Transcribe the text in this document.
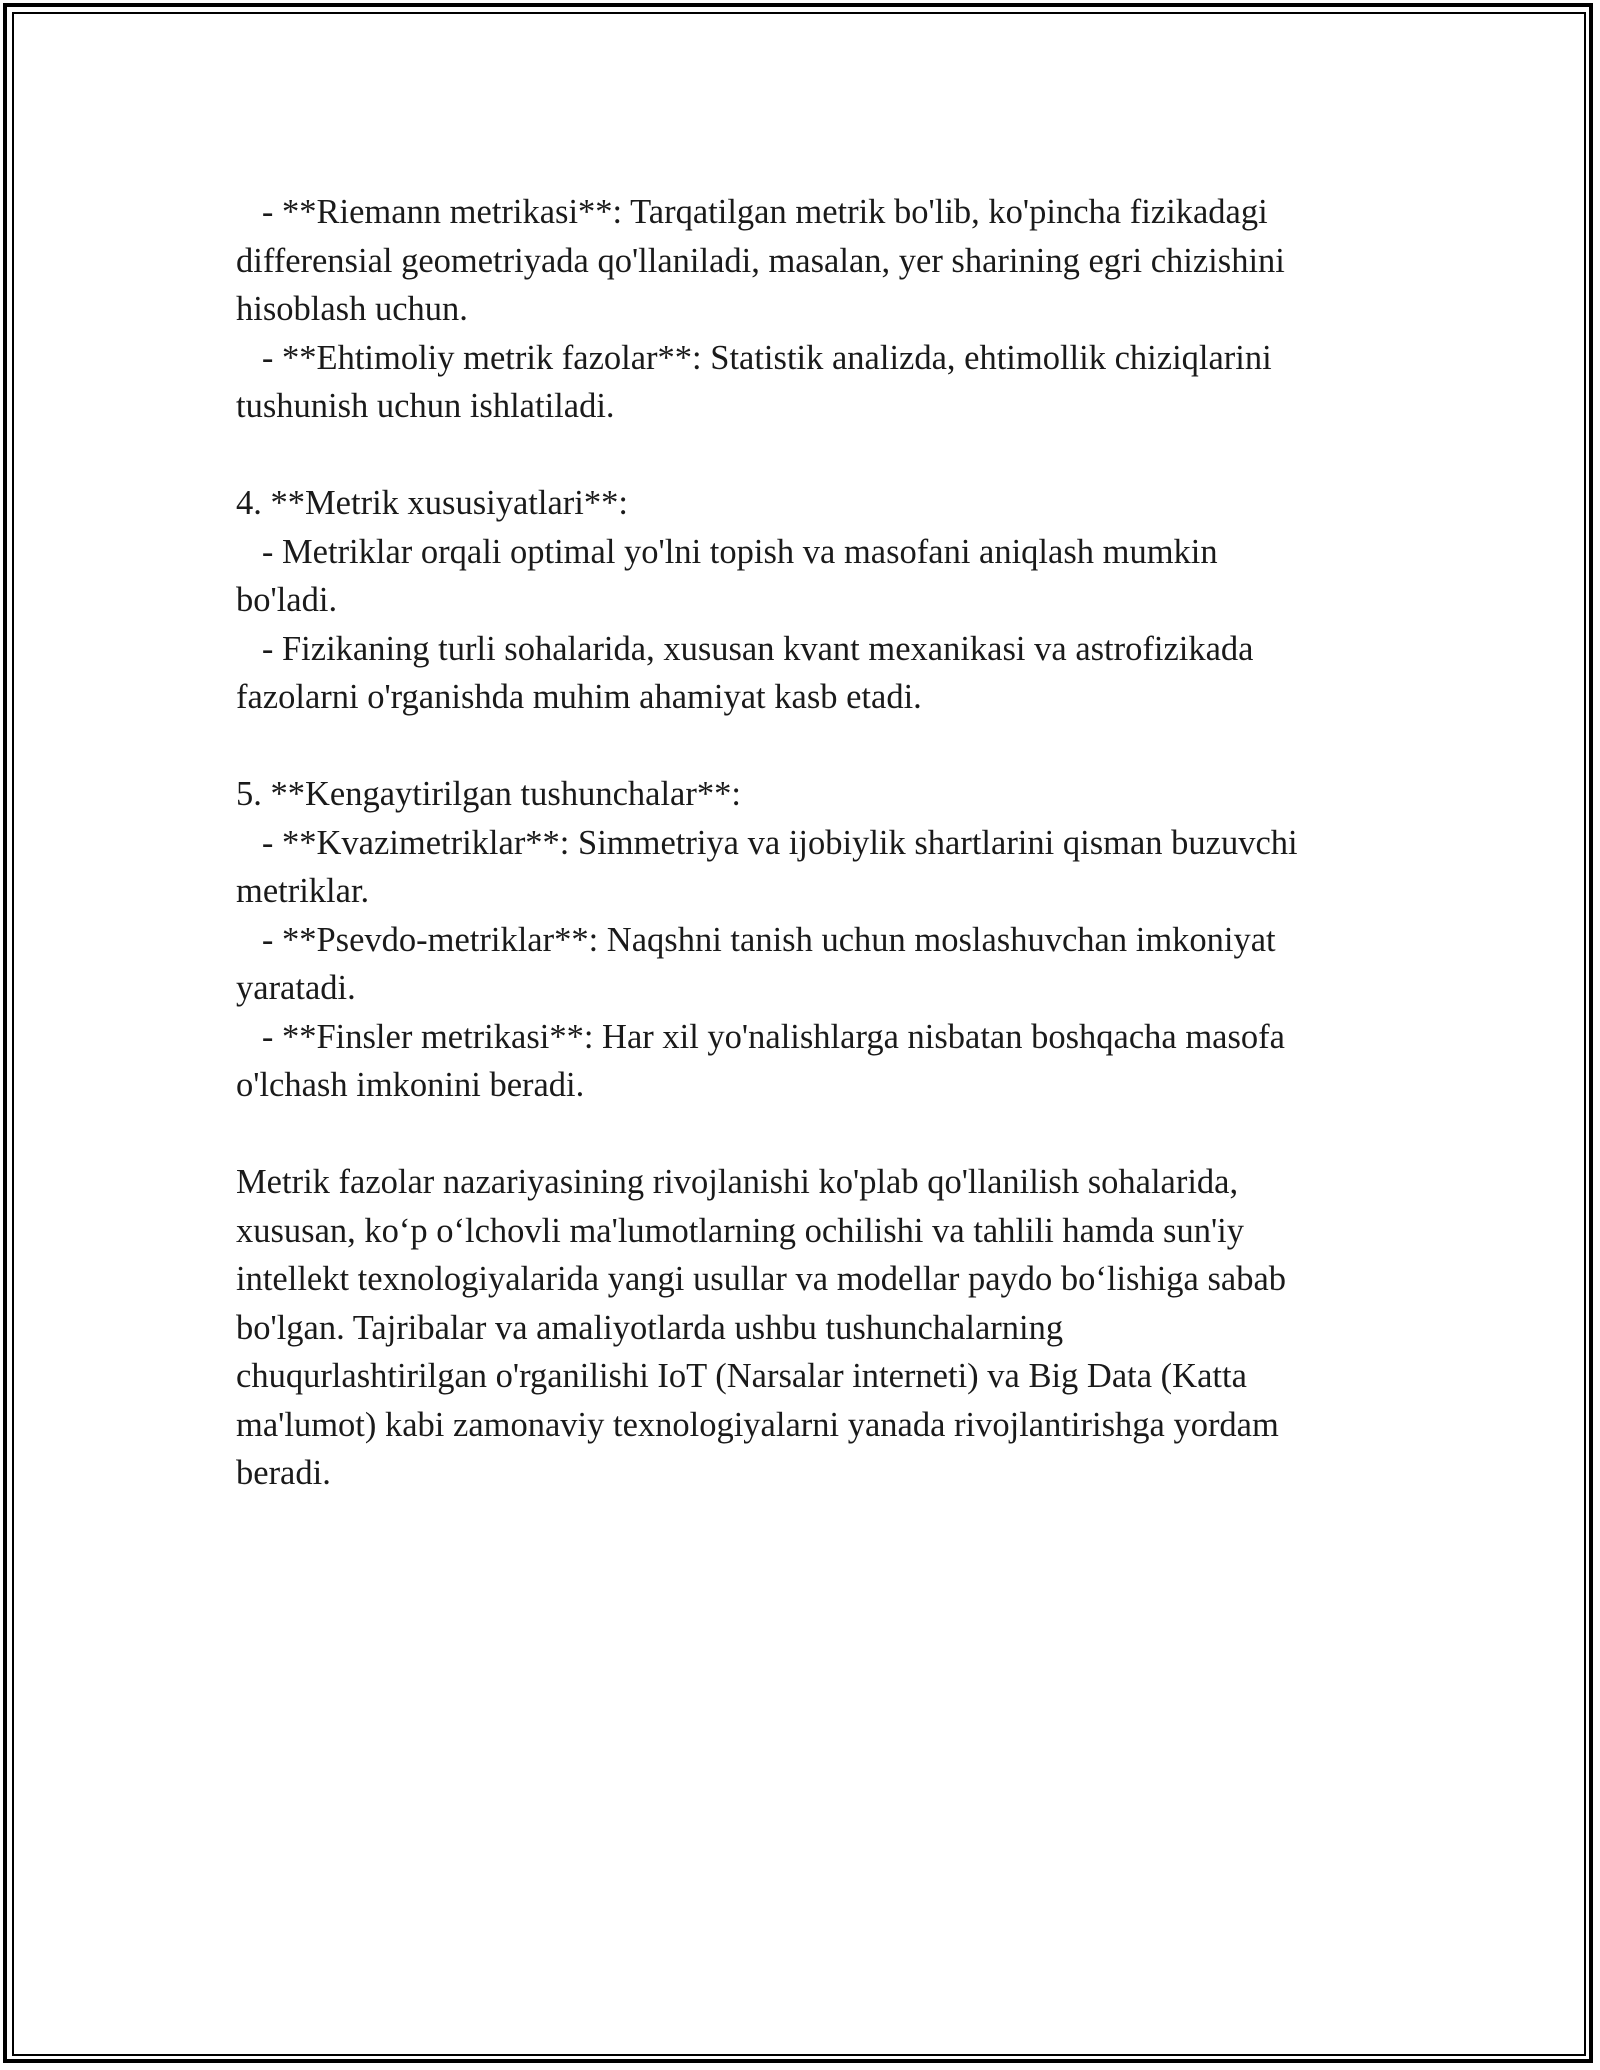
- **Riemann metrikasi**: Tarqatilgan metrik bo'lib, ko'pincha fizikadagi
differensial geometriyada qo'llaniladi, masalan, yer sharining egri chizishini
hisoblash uchun.
- **Ehtimoliy metrik fazolar**: Statistik analizda, ehtimollik chiziqlarini
tushunish uchun ishlatiladi.
4. **Metrik xususiyatlari**:
- Metriklar orqali optimal yo'lni topish va masofani aniqlash mumkin
bo'ladi.
- Fizikaning turli sohalarida, xususan kvant mexanikasi va astrofizikada
fazolarni o'rganishda muhim ahamiyat kasb etadi.
5. **Kengaytirilgan tushunchalar**:
- **Kvazimetriklar**: Simmetriya va ijobiylik shartlarini qisman buzuvchi
metriklar.
- **Psevdo-metriklar**: Naqshni tanish uchun moslashuvchan imkoniyat
yaratadi.
- **Finsler metrikasi**: Har xil yo'nalishlarga nisbatan boshqacha masofa
o'lchash imkonini beradi.
Metrik fazolar nazariyasining rivojlanishi ko'plab qo'llanilish sohalarida,
xususan, ko‘p o‘lchovli ma'lumotlarning ochilishi va tahlili hamda sun'iy
intellekt texnologiyalarida yangi usullar va modellar paydo bo‘lishiga sabab
bo'lgan. Tajribalar va amaliyotlarda ushbu tushunchalarning
chuqurlashtirilgan o'rganilishi IoT (Narsalar interneti) va Big Data (Katta
ma'lumot) kabi zamonaviy texnologiyalarni yanada rivojlantirishga yordam
beradi.
